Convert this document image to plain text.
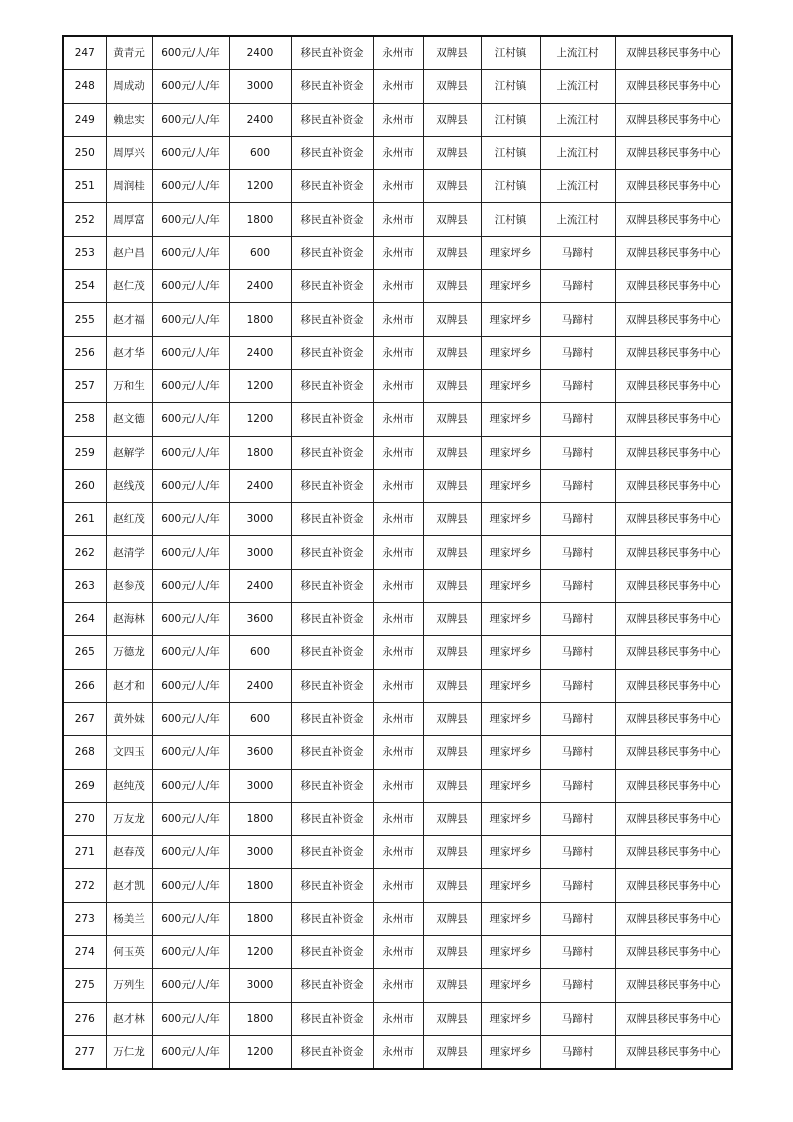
247	黄青元	600元/人/年	2400	移民直补资金	永州市	双牌县	江村镇	上流江村	双牌县移民事务中心
248	周成动	600元/人/年	3000	移民直补资金	永州市	双牌县	江村镇	上流江村	双牌县移民事务中心
249	赖忠实	600元/人/年	2400	移民直补资金	永州市	双牌县	江村镇	上流江村	双牌县移民事务中心
250	周厚兴	600元/人/年	600	移民直补资金	永州市	双牌县	江村镇	上流江村	双牌县移民事务中心
251	周润桂	600元/人/年	1200	移民直补资金	永州市	双牌县	江村镇	上流江村	双牌县移民事务中心
252	周厚富	600元/人/年	1800	移民直补资金	永州市	双牌县	江村镇	上流江村	双牌县移民事务中心
253	赵户昌	600元/人/年	600	移民直补资金	永州市	双牌县	理家坪乡	马蹄村	双牌县移民事务中心
254	赵仁茂	600元/人/年	2400	移民直补资金	永州市	双牌县	理家坪乡	马蹄村	双牌县移民事务中心
255	赵才福	600元/人/年	1800	移民直补资金	永州市	双牌县	理家坪乡	马蹄村	双牌县移民事务中心
256	赵才华	600元/人/年	2400	移民直补资金	永州市	双牌县	理家坪乡	马蹄村	双牌县移民事务中心
257	万和生	600元/人/年	1200	移民直补资金	永州市	双牌县	理家坪乡	马蹄村	双牌县移民事务中心
258	赵文德	600元/人/年	1200	移民直补资金	永州市	双牌县	理家坪乡	马蹄村	双牌县移民事务中心
259	赵解学	600元/人/年	1800	移民直补资金	永州市	双牌县	理家坪乡	马蹄村	双牌县移民事务中心
260	赵线茂	600元/人/年	2400	移民直补资金	永州市	双牌县	理家坪乡	马蹄村	双牌县移民事务中心
261	赵红茂	600元/人/年	3000	移民直补资金	永州市	双牌县	理家坪乡	马蹄村	双牌县移民事务中心
262	赵清学	600元/人/年	3000	移民直补资金	永州市	双牌县	理家坪乡	马蹄村	双牌县移民事务中心
263	赵参茂	600元/人/年	2400	移民直补资金	永州市	双牌县	理家坪乡	马蹄村	双牌县移民事务中心
264	赵海林	600元/人/年	3600	移民直补资金	永州市	双牌县	理家坪乡	马蹄村	双牌县移民事务中心
265	万德龙	600元/人/年	600	移民直补资金	永州市	双牌县	理家坪乡	马蹄村	双牌县移民事务中心
266	赵才和	600元/人/年	2400	移民直补资金	永州市	双牌县	理家坪乡	马蹄村	双牌县移民事务中心
267	黄外妹	600元/人/年	600	移民直补资金	永州市	双牌县	理家坪乡	马蹄村	双牌县移民事务中心
268	文四玉	600元/人/年	3600	移民直补资金	永州市	双牌县	理家坪乡	马蹄村	双牌县移民事务中心
269	赵纯茂	600元/人/年	3000	移民直补资金	永州市	双牌县	理家坪乡	马蹄村	双牌县移民事务中心
270	万友龙	600元/人/年	1800	移民直补资金	永州市	双牌县	理家坪乡	马蹄村	双牌县移民事务中心
271	赵春茂	600元/人/年	3000	移民直补资金	永州市	双牌县	理家坪乡	马蹄村	双牌县移民事务中心
272	赵才凯	600元/人/年	1800	移民直补资金	永州市	双牌县	理家坪乡	马蹄村	双牌县移民事务中心
273	杨美兰	600元/人/年	1800	移民直补资金	永州市	双牌县	理家坪乡	马蹄村	双牌县移民事务中心
274	何玉英	600元/人/年	1200	移民直补资金	永州市	双牌县	理家坪乡	马蹄村	双牌县移民事务中心
275	万列生	600元/人/年	3000	移民直补资金	永州市	双牌县	理家坪乡	马蹄村	双牌县移民事务中心
276	赵才林	600元/人/年	1800	移民直补资金	永州市	双牌县	理家坪乡	马蹄村	双牌县移民事务中心
277	万仁龙	600元/人/年	1200	移民直补资金	永州市	双牌县	理家坪乡	马蹄村	双牌县移民事务中心
